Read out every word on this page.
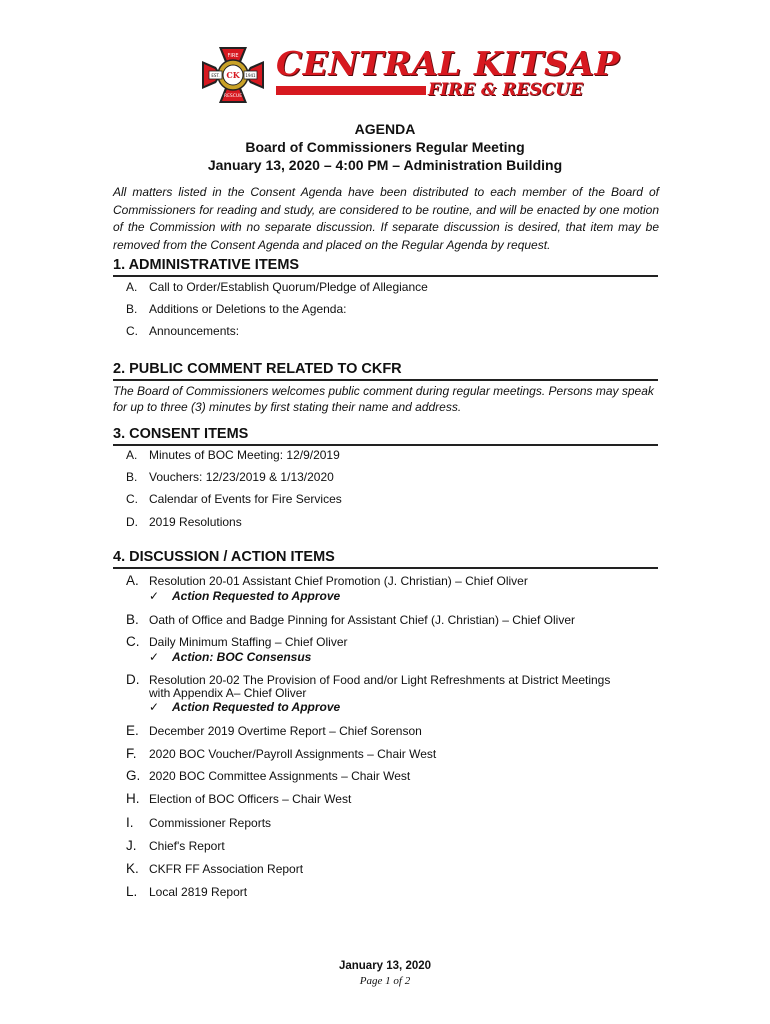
FIRE
RESCUE
CK
EST.	1941 CENTRAL KITSAP
FIRE & RESCUE
AGENDA
Board of Commissioners Regular Meeting
January 13, 2020 – 4:00 PM – Administration Building
All matters listed in the Consent Agenda have been distributed to each member of the Board of Commissioners for reading and study, are considered to be routine, and will be enacted by one motion of the Commission with no separate discussion. If separate discussion is desired, that item may be removed from the Consent Agenda and placed on the Regular Agenda by request.
1. ADMINISTRATIVE ITEMS
A. Call to Order/Establish Quorum/Pledge of Allegiance
B. Additions or Deletions to the Agenda:
C. Announcements:
2. PUBLIC COMMENT RELATED TO CKFR
The Board of Commissioners welcomes public comment during regular meetings. Persons may speak for up to three (3) minutes by first stating their name and address.
3. CONSENT ITEMS
A. Minutes of BOC Meeting: 12/9/2019
B. Vouchers: 12/23/2019 & 1/13/2020
C. Calendar of Events for Fire Services
D. 2019 Resolutions
4. DISCUSSION / ACTION ITEMS
A. Resolution 20-01 Assistant Chief Promotion (J. Christian) – Chief Oliver
✓ Action Requested to Approve
B. Oath of Office and Badge Pinning for Assistant Chief (J. Christian) – Chief Oliver
C. Daily Minimum Staffing – Chief Oliver
✓ Action: BOC Consensus
D. Resolution 20-02 The Provision of Food and/or Light Refreshments at District Meetings
with Appendix A– Chief Oliver
✓ Action Requested to Approve
E. December 2019 Overtime Report – Chief Sorenson
F. 2020 BOC Voucher/Payroll Assignments – Chair West
G. 2020 BOC Committee Assignments – Chair West
H. Election of BOC Officers – Chair West
I. Commissioner Reports
J. Chief's Report
K. CKFR FF Association Report
L. Local 2819 Report
January 13, 2020
Page 1 of 2
